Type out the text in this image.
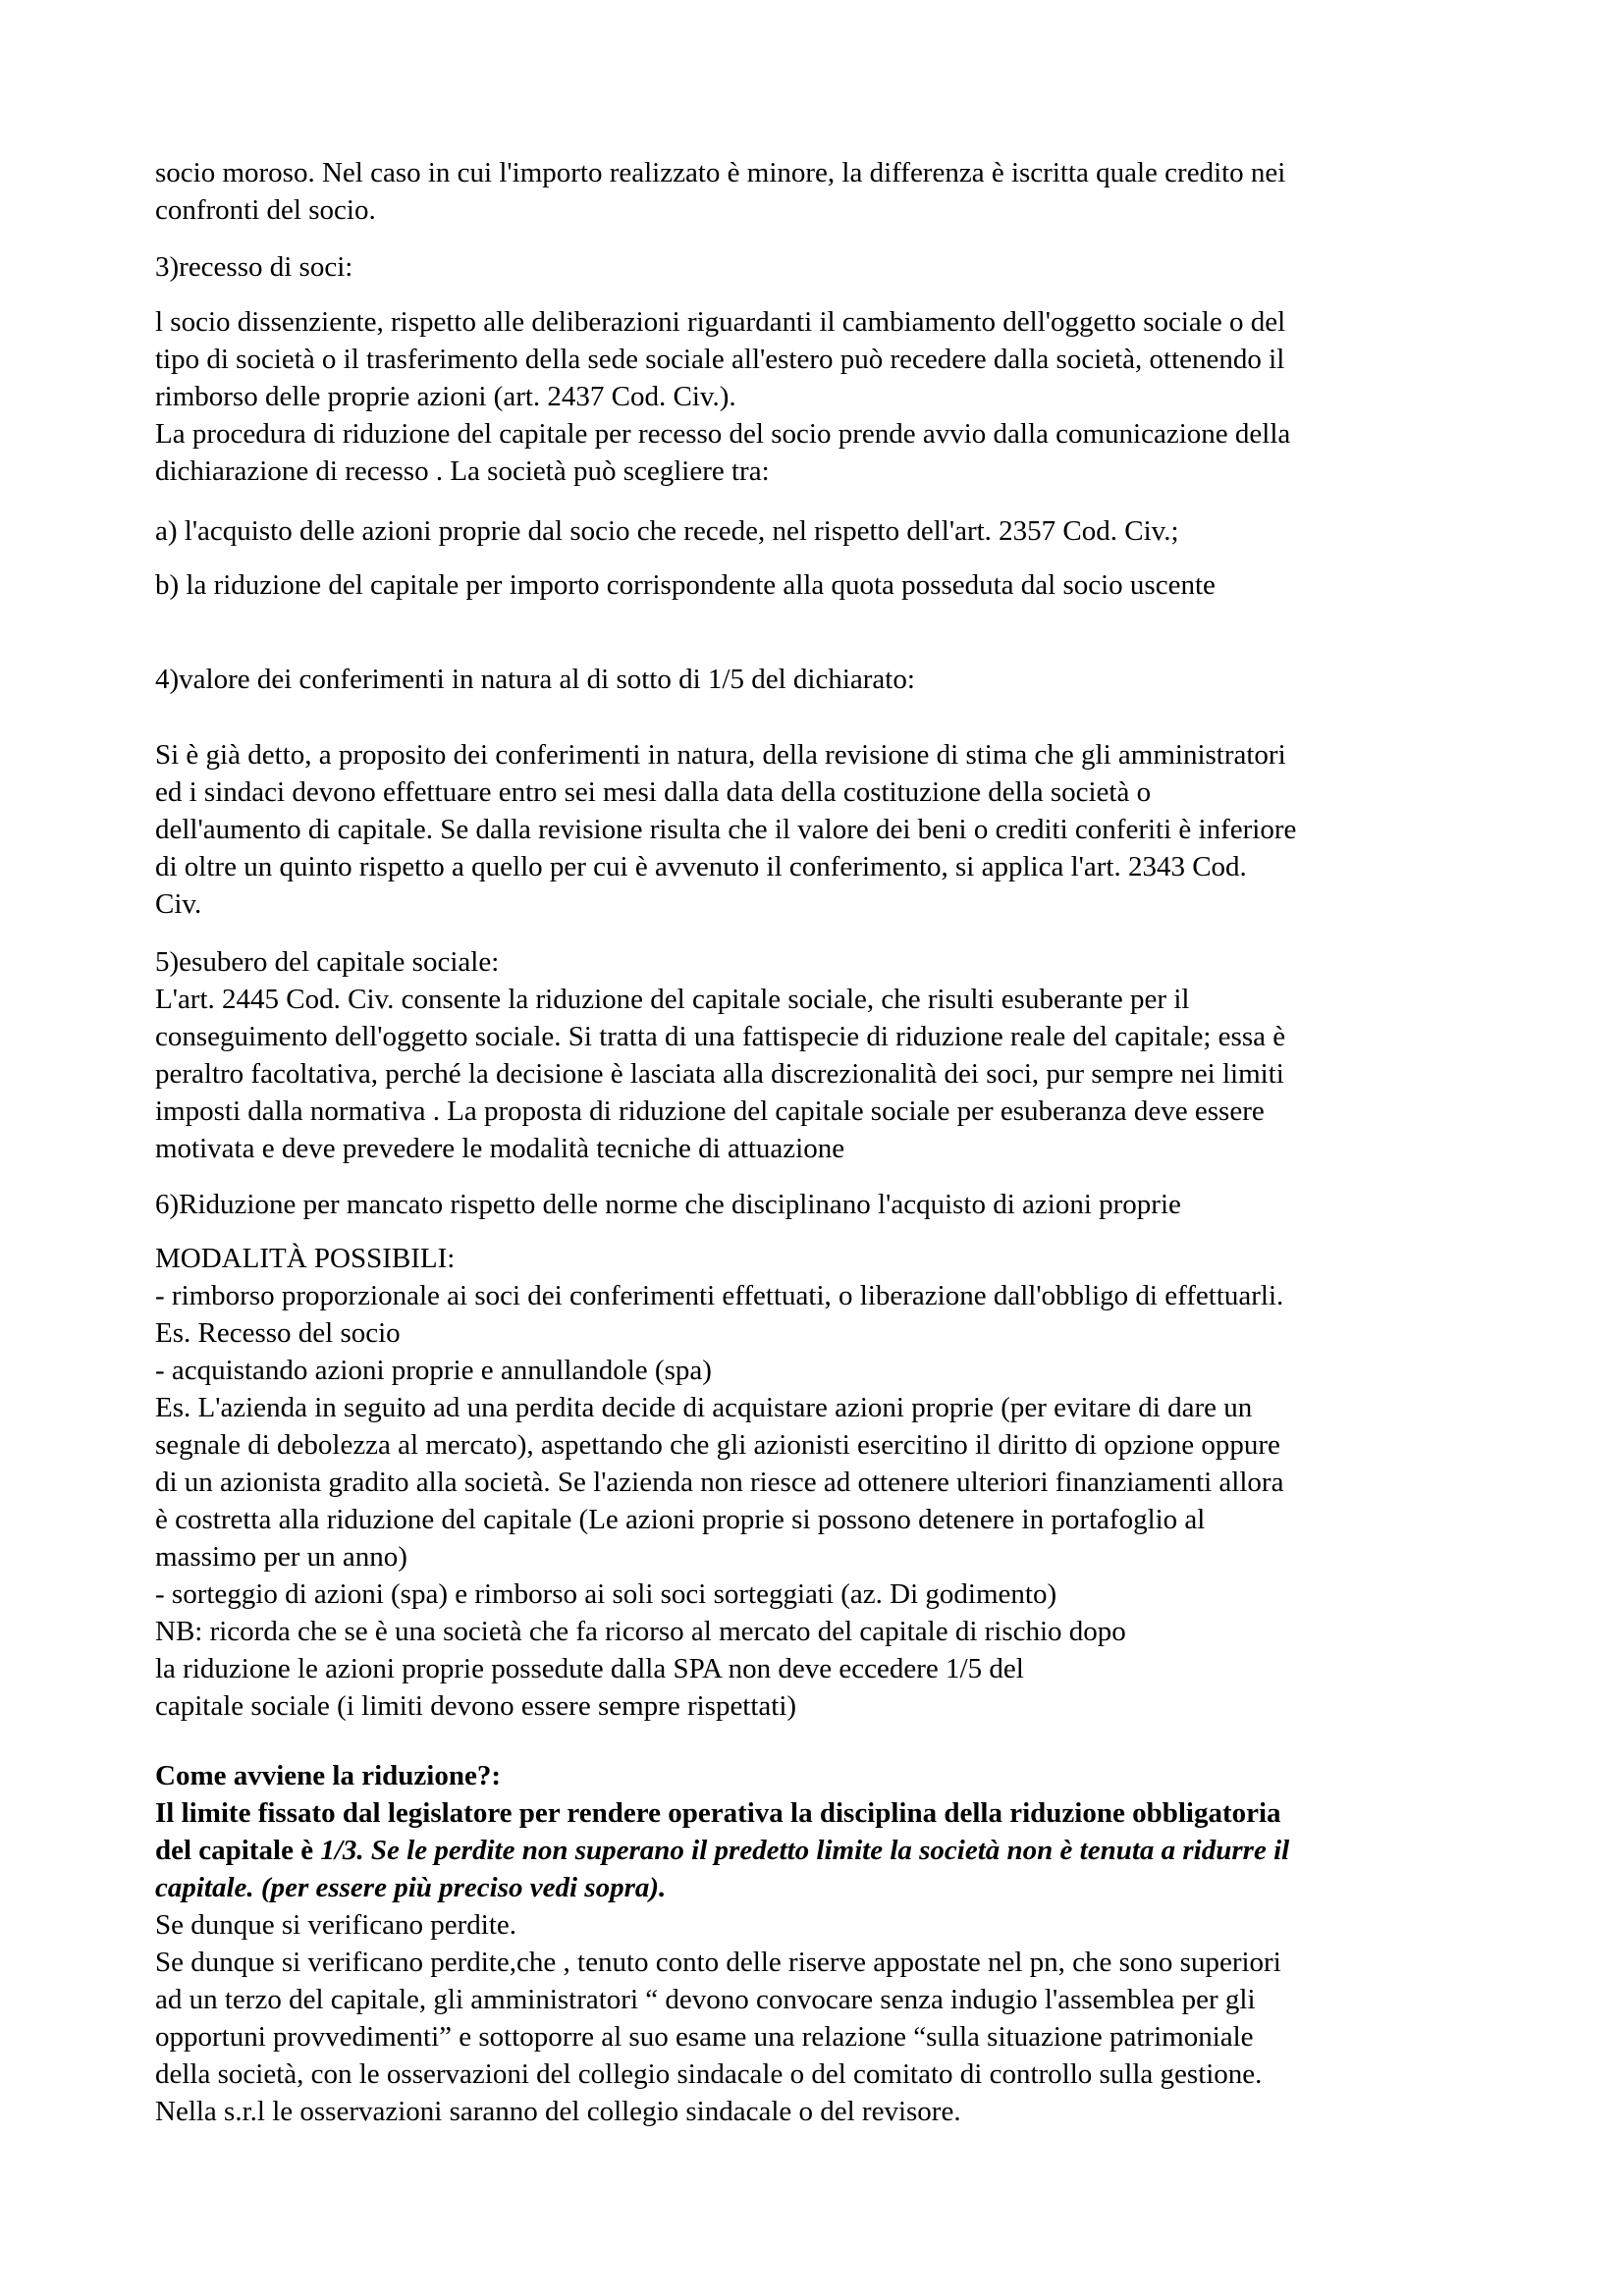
socio moroso. Nel caso in cui l'importo realizzato è minore, la differenza è iscritta quale credito nei
confronti del socio.
3)recesso di soci:
l socio dissenziente, rispetto alle deliberazioni riguardanti il cambiamento dell'oggetto sociale o del
tipo di società o il trasferimento della sede sociale all'estero può recedere dalla società, ottenendo il
rimborso delle proprie azioni (art. 2437 Cod. Civ.).
La procedura di riduzione del capitale per recesso del socio prende avvio dalla comunicazione della
dichiarazione di recesso . La società può scegliere tra:
a) l'acquisto delle azioni proprie dal socio che recede, nel rispetto dell'art. 2357 Cod. Civ.;
b) la riduzione del capitale per importo corrispondente alla quota posseduta dal socio uscente
4)valore dei conferimenti in natura al di sotto di 1/5 del dichiarato:
Si è già detto, a proposito dei conferimenti in natura, della revisione di stima che gli amministratori
ed i sindaci devono effettuare entro sei mesi dalla data della costituzione della società o
dell'aumento di capitale. Se dalla revisione risulta che il valore dei beni o crediti conferiti è inferiore
di oltre un quinto rispetto a quello per cui è avvenuto il conferimento, si applica l'art. 2343 Cod.
Civ.
5)esubero del capitale sociale:
L'art. 2445 Cod. Civ. consente la riduzione del capitale sociale, che risulti esuberante per il
conseguimento dell'oggetto sociale. Si tratta di una fattispecie di riduzione reale del capitale; essa è
peraltro facoltativa, perché la decisione è lasciata alla discrezionalità dei soci, pur sempre nei limiti
imposti dalla normativa . La proposta di riduzione del capitale sociale per esuberanza deve essere
motivata e deve prevedere le modalità tecniche di attuazione
6)Riduzione per mancato rispetto delle norme che disciplinano l'acquisto di azioni proprie
MODALITÀ POSSIBILI:
- rimborso proporzionale ai soci dei conferimenti effettuati, o liberazione dall'obbligo di effettuarli.
Es. Recesso del socio
- acquistando azioni proprie e annullandole (spa)
Es. L'azienda in seguito ad una perdita decide di acquistare azioni proprie (per evitare di dare un
segnale di debolezza al mercato), aspettando che gli azionisti esercitino il diritto di opzione oppure
di un azionista gradito alla società. Se l'azienda non riesce ad ottenere ulteriori finanziamenti allora
è costretta alla riduzione del capitale (Le azioni proprie si possono detenere in portafoglio al
massimo per un anno)
- sorteggio di azioni (spa) e rimborso ai soli soci sorteggiati (az. Di godimento)
NB: ricorda che se è una società che fa ricorso al mercato del capitale di rischio dopo
la riduzione le azioni proprie possedute dalla SPA non deve eccedere 1/5 del
capitale sociale (i limiti devono essere sempre rispettati)
Come avviene la riduzione?:
Il limite fissato dal legislatore per rendere operativa la disciplina della riduzione obbligatoria
del capitale è 1/3. Se le perdite non superano il predetto limite la società non è tenuta a ridurre il
capitale. (per essere più preciso vedi sopra).
Se dunque si verificano perdite.
Se dunque si verificano perdite,che , tenuto conto delle riserve appostate nel pn, che sono superiori
ad un terzo del capitale, gli amministratori “ devono convocare senza indugio l'assemblea per gli
opportuni provvedimenti” e sottoporre al suo esame una relazione “sulla situazione patrimoniale
della società, con le osservazioni del collegio sindacale o del comitato di controllo sulla gestione.
Nella s.r.l le osservazioni saranno del collegio sindacale o del revisore.
